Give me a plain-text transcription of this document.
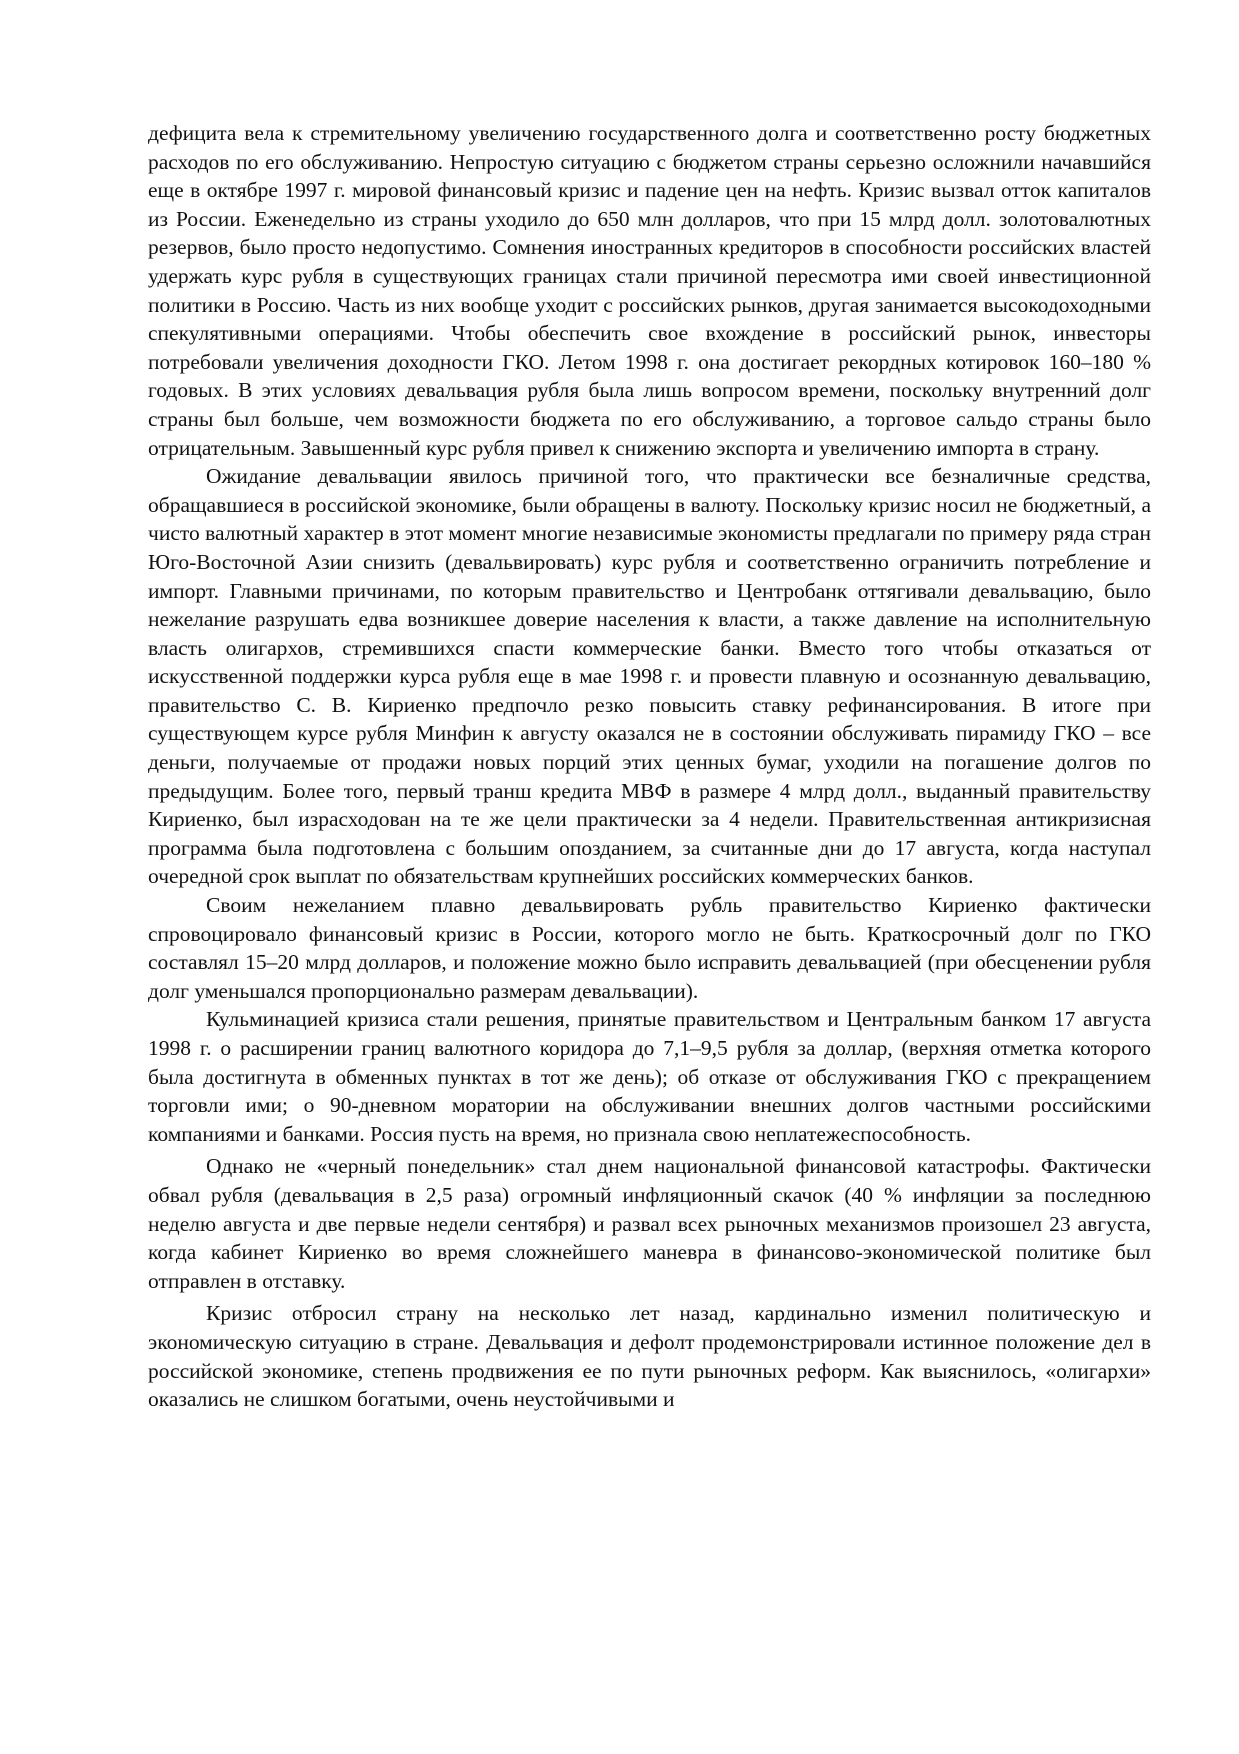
дефицита вела к стремительному увеличению государственного долга и соответственно росту бюджетных расходов по его обслуживанию. Непростую ситуацию с бюджетом страны серьезно осложнили начавшийся еще в октябре 1997 г. мировой финансовый кризис и падение цен на нефть. Кризис вызвал отток капиталов из России. Еженедельно из страны уходило до 650 млн долларов, что при 15 млрд долл. золотовалютных резервов, было просто недопустимо. Сомнения иностранных кредиторов в способности российских властей удержать курс рубля в существующих границах стали причиной пересмотра ими своей инвестиционной политики в Россию. Часть из них вообще уходит с российских рынков, другая занимается высокодоходными спекулятивными операциями. Чтобы обеспечить свое вхождение в российский рынок, инвесторы потребовали увеличения доходности ГКО. Летом 1998 г. она достигает рекордных котировок 160–180 % годовых. В этих условиях девальвация рубля была лишь вопросом времени, поскольку внутренний долг страны был больше, чем возможности бюджета по его обслуживанию, а торговое сальдо страны было отрицательным. Завышенный курс рубля привел к снижению экспорта и увеличению импорта в страну.

Ожидание девальвации явилось причиной того, что практически все безналичные средства, обращавшиеся в российской экономике, были обращены в валюту. Поскольку кризис носил не бюджетный, а чисто валютный характер в этот момент многие независимые экономисты предлагали по примеру ряда стран Юго-Восточной Азии снизить (девальвировать) курс рубля и соответственно ограничить потребление и импорт. Главными причинами, по которым правительство и Центробанк оттягивали девальвацию, было нежелание разрушать едва возникшее доверие населения к власти, а также давление на исполнительную власть олигархов, стремившихся спасти коммерческие банки. Вместо того чтобы отказаться от искусственной поддержки курса рубля еще в мае 1998 г. и провести плавную и осознанную девальвацию, правительство С. В. Кириенко предпочло резко повысить ставку рефинансирования. В итоге при существующем курсе рубля Минфин к августу оказался не в состоянии обслуживать пирамиду ГКО – все деньги, получаемые от продажи новых порций этих ценных бумаг, уходили на погашение долгов по предыдущим. Более того, первый транш кредита МВФ в размере 4 млрд долл., выданный правительству Кириенко, был израсходован на те же цели практически за 4 недели. Правительственная антикризисная программа была подготовлена с большим опозданием, за считанные дни до 17 августа, когда наступал очередной срок выплат по обязательствам крупнейших российских коммерческих банков.

Своим нежеланием плавно девальвировать рубль правительство Кириенко фактически спровоцировало финансовый кризис в России, которого могло не быть. Краткосрочный долг по ГКО составлял 15–20 млрд долларов, и положение можно было исправить девальвацией (при обесценении рубля долг уменьшался пропорционально размерам девальвации).

Кульминацией кризиса стали решения, принятые правительством и Центральным банком 17 августа 1998 г. о расширении границ валютного коридора до 7,1–9,5 рубля за доллар, (верхняя отметка которого была достигнута в обменных пунктах в тот же день); об отказе от обслуживания ГКО с прекращением торговли ими; о 90-дневном моратории на обслуживании внешних долгов частными российскими компаниями и банками. Россия пусть на время, но признала свою неплатежеспособность.

Однако не «черный понедельник» стал днем национальной финансовой катастрофы. Фактически обвал рубля (девальвация в 2,5 раза) огромный инфляционный скачок (40 % инфляции за последнюю неделю августа и две первые недели сентября) и развал всех рыночных механизмов произошел 23 августа, когда кабинет Кириенко во время сложнейшего маневра в финансово-экономической политике был отправлен в отставку.

Кризис отбросил страну на несколько лет назад, кардинально изменил политическую и экономическую ситуацию в стране. Девальвация и дефолт продемонстрировали истинное положение дел в российской экономике, степень продвижения ее по пути рыночных реформ. Как выяснилось, «олигархи» оказались не слишком богатыми, очень неустойчивыми и
